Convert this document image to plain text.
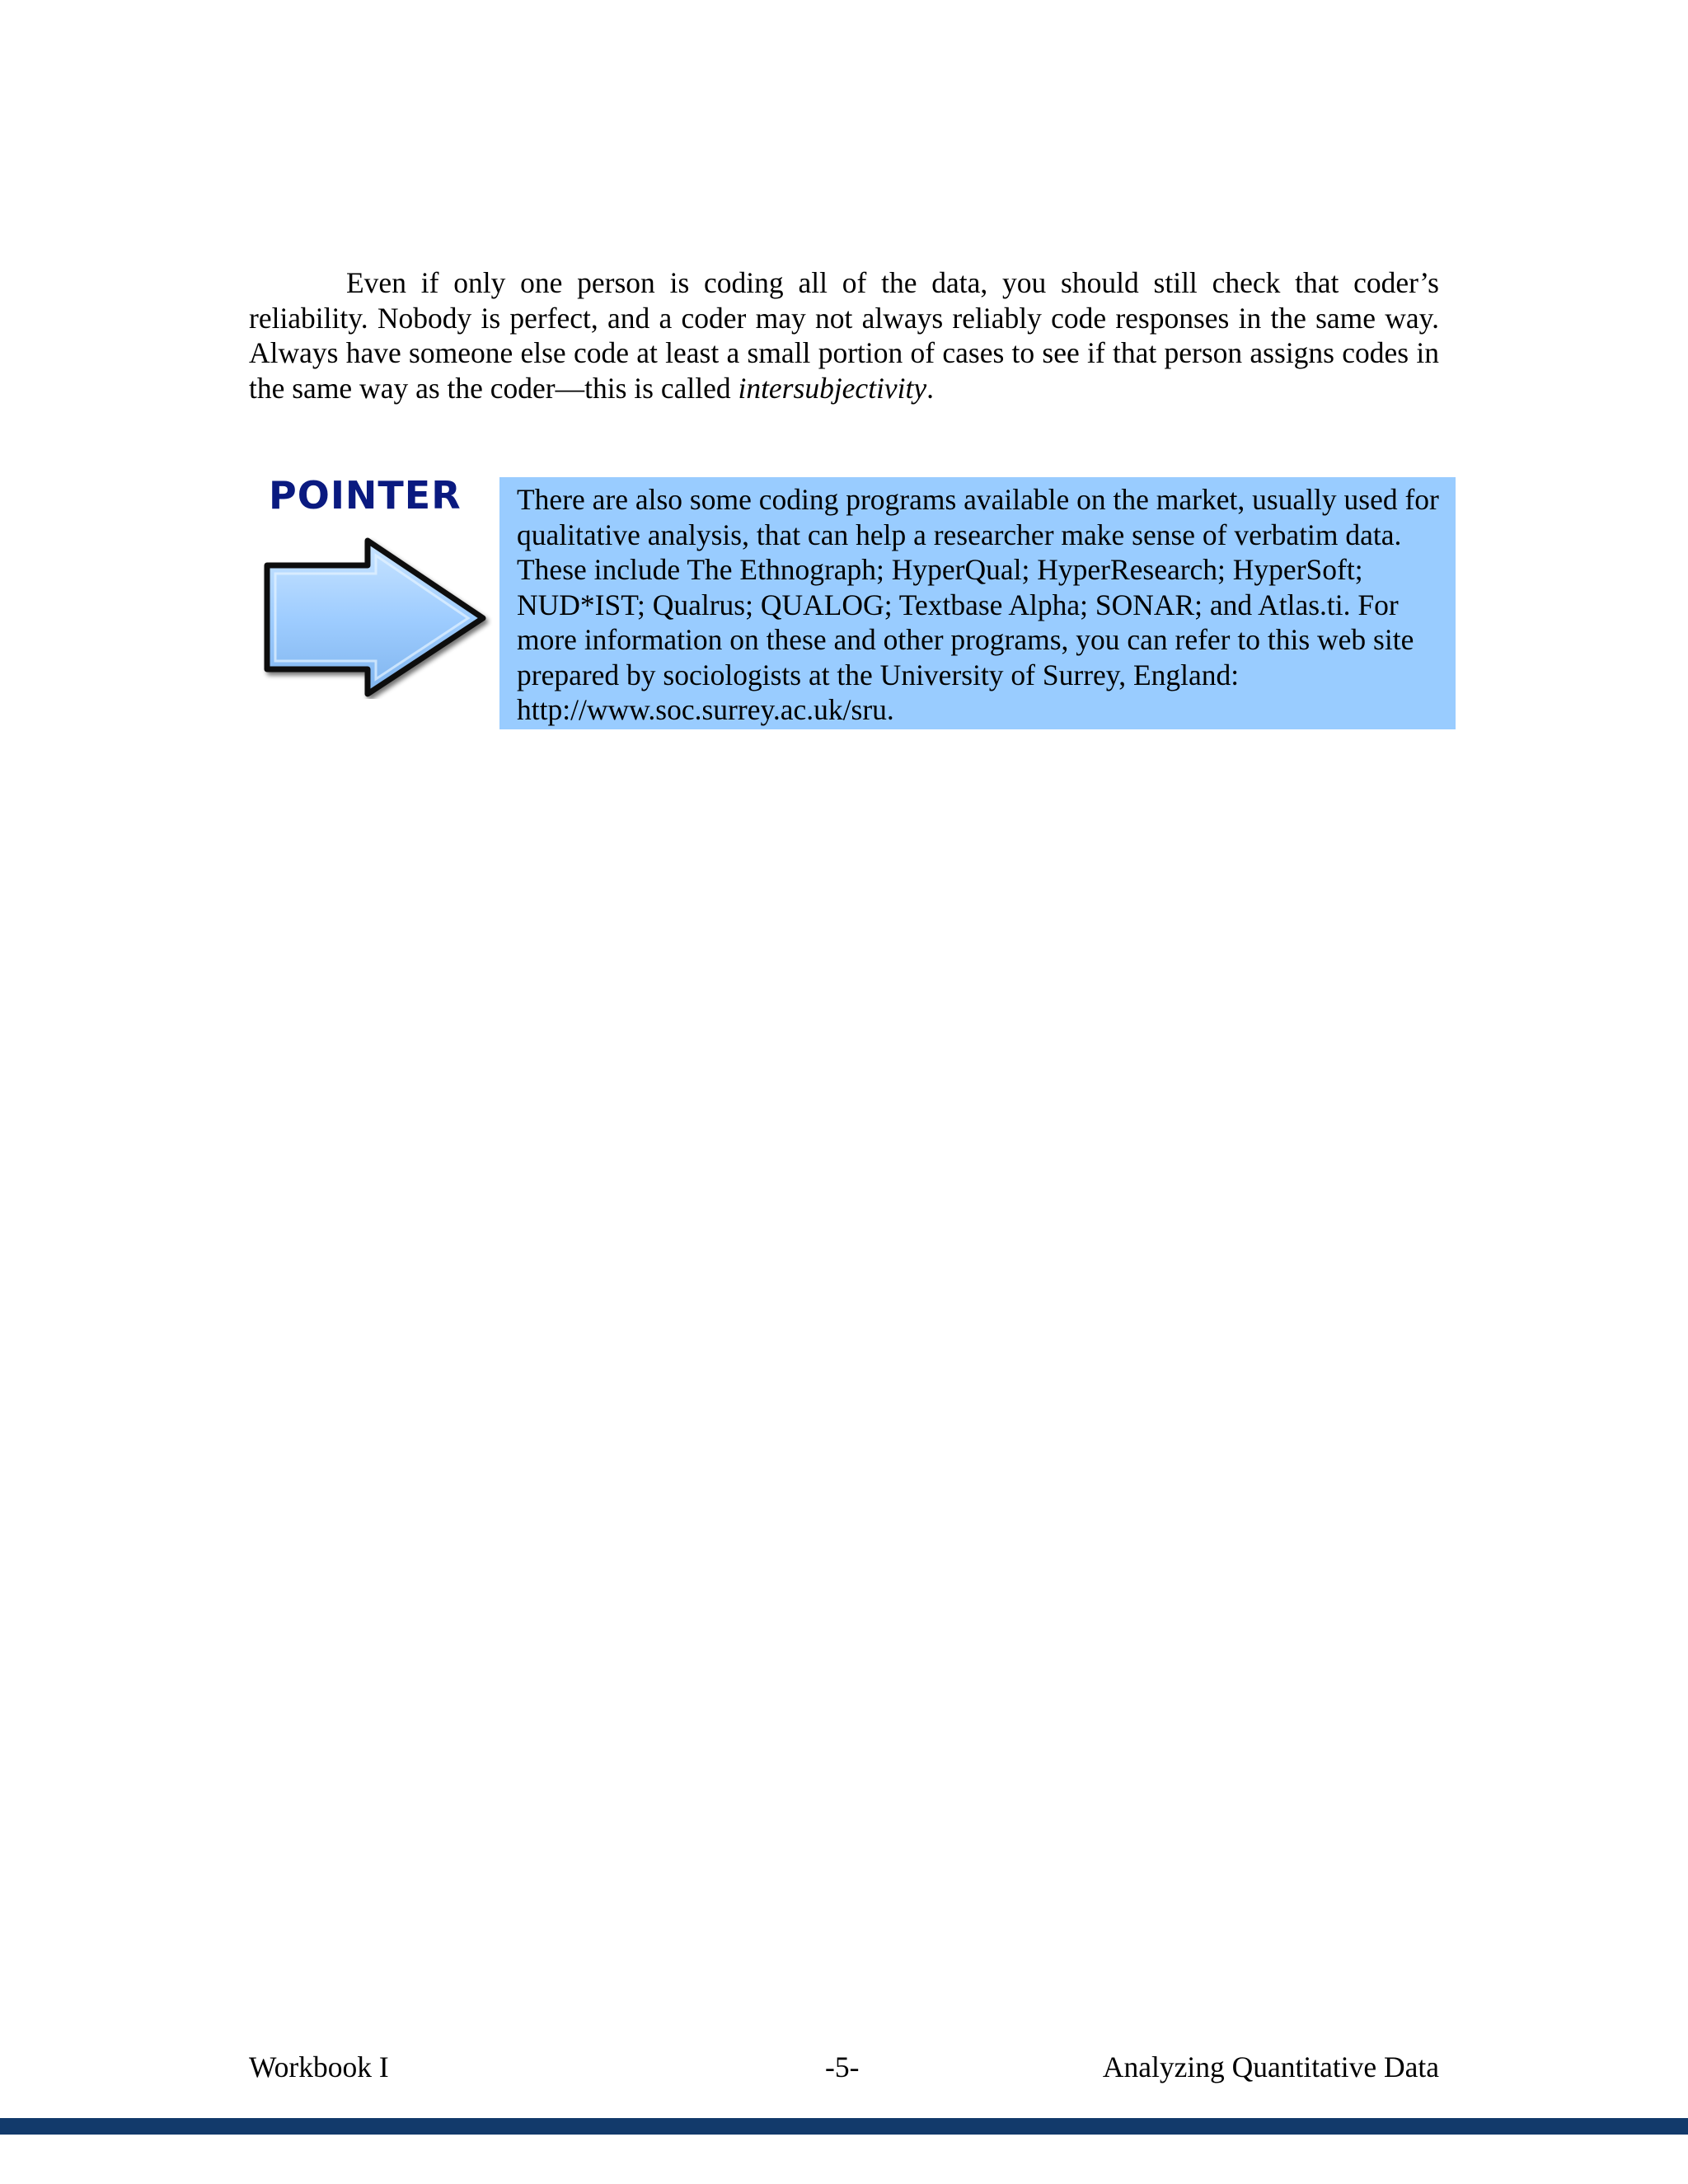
Even if only one person is coding all of the data, you should still check that coder’s reliability. Nobody is perfect, and a coder may not always reliably code responses in the same way. Always have someone else code at least a small portion of cases to see if that person assigns codes in the same way as the coder—this is called intersubjectivity.

POINTER There are also some coding programs available on the market, usually used for qualitative analysis, that can help a researcher make sense of verbatim data. These include The Ethnograph; HyperQual; HyperResearch; HyperSoft; NUD*IST; Qualrus; QUALOG; Textbase Alpha; SONAR; and Atlas.ti. For more information on these and other programs, you can refer to this web site prepared by sociologists at the University of Surrey, England: http://www.soc.surrey.ac.uk/sru.

Workbook I	-5-	Analyzing Quantitative Data
